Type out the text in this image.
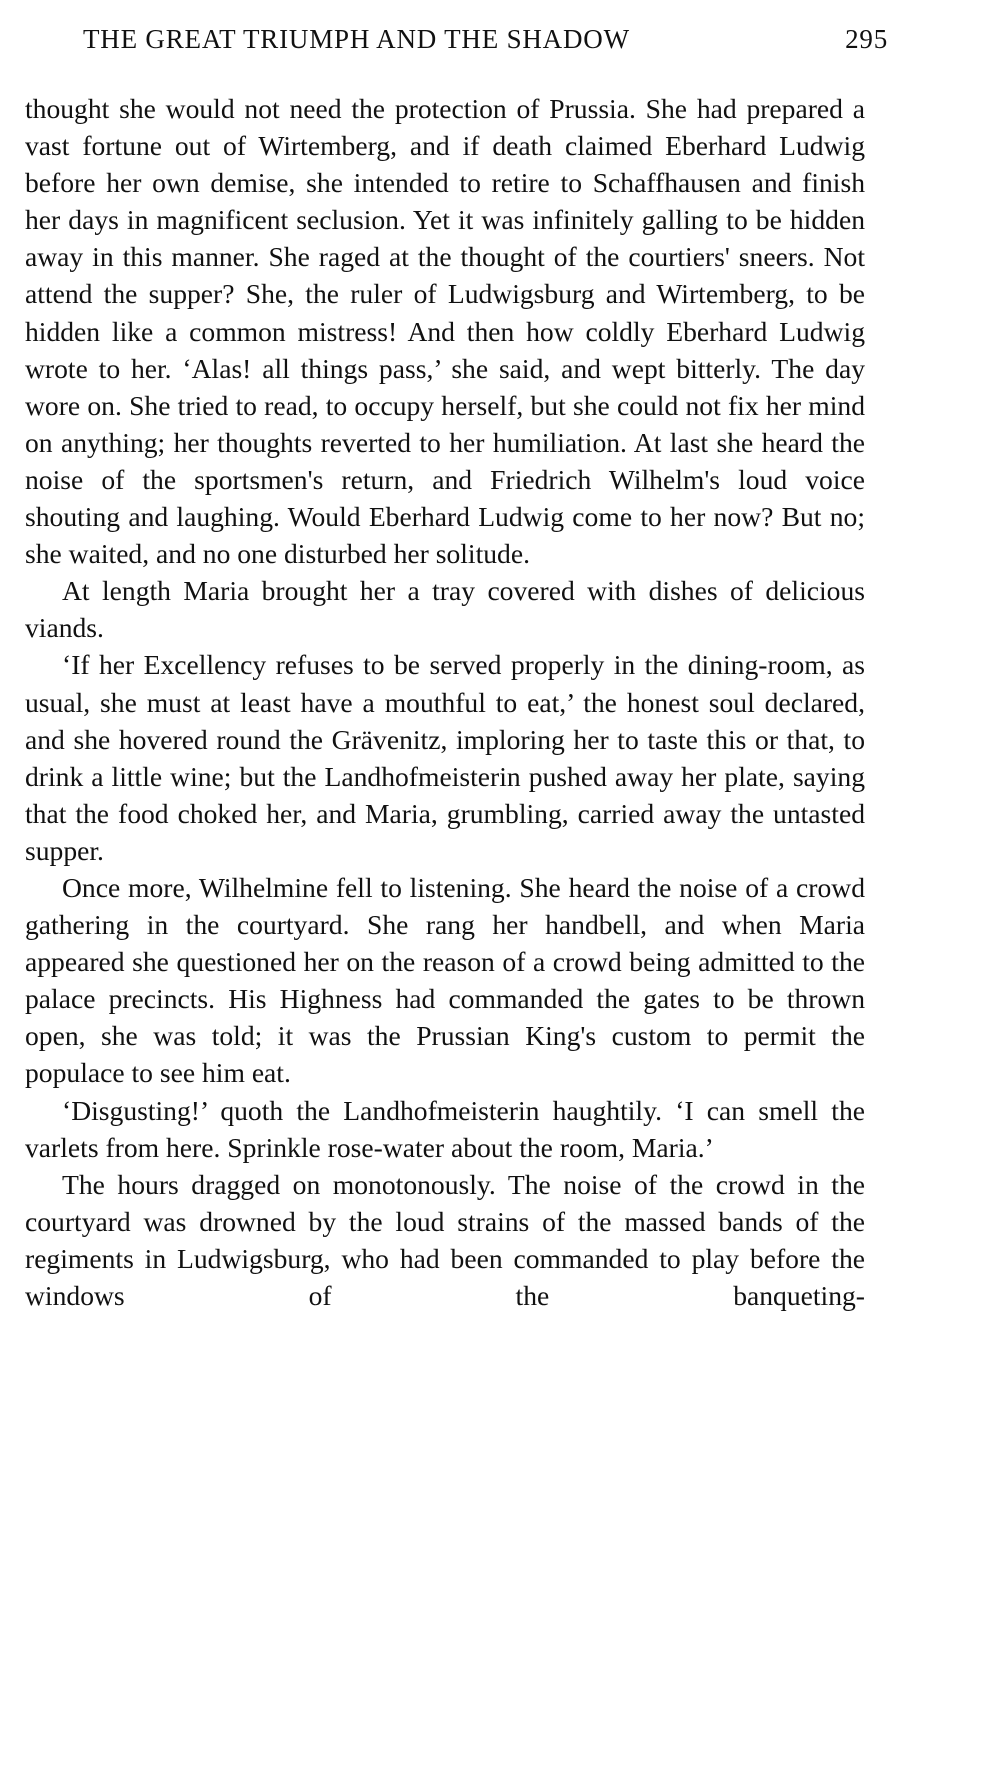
THE GREAT TRIUMPH AND THE SHADOW	295

thought she would not need the protection of Prussia. She had prepared a vast fortune out of Wirtemberg, and if death claimed Eberhard Ludwig before her own demise, she intended to retire to Schaffhausen and finish her days in magnificent seclusion. Yet it was infinitely galling to be hidden away in this manner. She raged at the thought of the courtiers' sneers. Not attend the supper? She, the ruler of Ludwigsburg and Wirtemberg, to be hidden like a common mistress! And then how coldly Eberhard Ludwig wrote to her. ‘Alas! all things pass,’ she said, and wept bitterly. The day wore on. She tried to read, to occupy herself, but she could not fix her mind on anything; her thoughts reverted to her humiliation. At last she heard the noise of the sportsmen's return, and Friedrich Wilhelm's loud voice shouting and laughing. Would Eberhard Ludwig come to her now? But no; she waited, and no one disturbed her solitude.

At length Maria brought her a tray covered with dishes of delicious viands.

‘If her Excellency refuses to be served properly in the dining-room, as usual, she must at least have a mouthful to eat,’ the honest soul declared, and she hovered round the Grävenitz, imploring her to taste this or that, to drink a little wine; but the Landhofmeisterin pushed away her plate, saying that the food choked her, and Maria, grumbling, carried away the untasted supper.

Once more, Wilhelmine fell to listening. She heard the noise of a crowd gathering in the courtyard. She rang her handbell, and when Maria appeared she questioned her on the reason of a crowd being admitted to the palace precincts. His Highness had commanded the gates to be thrown open, she was told; it was the Prussian King's custom to permit the populace to see him eat.

‘Disgusting!’ quoth the Landhofmeisterin haughtily. ‘I can smell the varlets from here. Sprinkle rose-water about the room, Maria.’

The hours dragged on monotonously. The noise of the crowd in the courtyard was drowned by the loud strains of the massed bands of the regiments in Ludwigsburg, who had been commanded to play before the windows of the banqueting-
